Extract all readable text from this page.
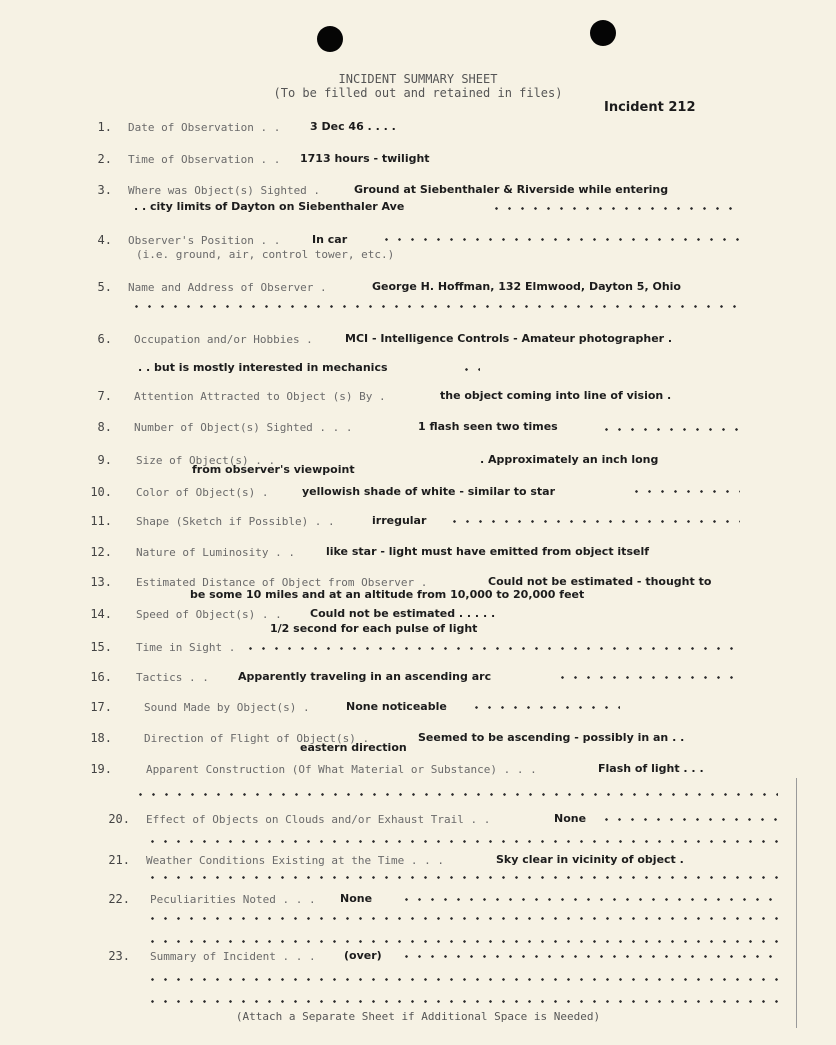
INCIDENT SUMMARY SHEET
(To be filled out and retained in files)
Incident 212
1. Date of Observation . .	3 Dec 46 . . . .
2. Time of Observation . . 1713 hours - twilight
3. Where was Object(s) Sighted .	Ground at Siebenthaler & Riverside while entering
. . city limits of Dayton on Siebenthaler Ave
4. Observer's Position . .	In car
(i.e. ground, air, control tower, etc.)
5. Name and Address of Observer .	George H. Hoffman, 132 Elmwood, Dayton 5, Ohio
6. Occupation and/or Hobbies .	MCI - Intelligence Controls - Amateur photographer .
. . but is mostly interested in mechanics
7. Attention Attracted to Object (s) By .	the object coming into line of vision .
8. Number of Object(s) Sighted . . .	1 flash seen two times
9. Size of Object(s) . .	. Approximately an inch long
from observer's viewpoint
10. Color of Object(s) .	yellowish shade of white - similar to star
11. Shape (Sketch if Possible) . .	irregular
12. Nature of Luminosity . .	like star - light must have emitted from object itself
13. Estimated Distance of Object from Observer .	Could not be estimated - thought to
be some 10 miles and at an altitude from 10,000 to 20,000 feet
14. Speed of Object(s) . .	Could not be estimated . . . . .
1/2 second for each pulse of light
15. Time in Sight .
16. Tactics . .	Apparently traveling in an ascending arc
17.	Sound Made by Object(s) .	None noticeable
18.	Direction of Flight of Object(s) .	Seemed to be ascending - possibly in an . .
eastern direction
19.	Apparent Construction (Of What Material or Substance) . . .	Flash of light . . .
20. Effect of Objects on Clouds and/or Exhaust Trail . .	None
21. Weather Conditions Existing at the Time . . .	Sky clear in vicinity of object .
22. Peculiarities Noted . . . None
23. Summary of Incident . . .	(over)
(Attach a Separate Sheet if Additional Space is Needed)
